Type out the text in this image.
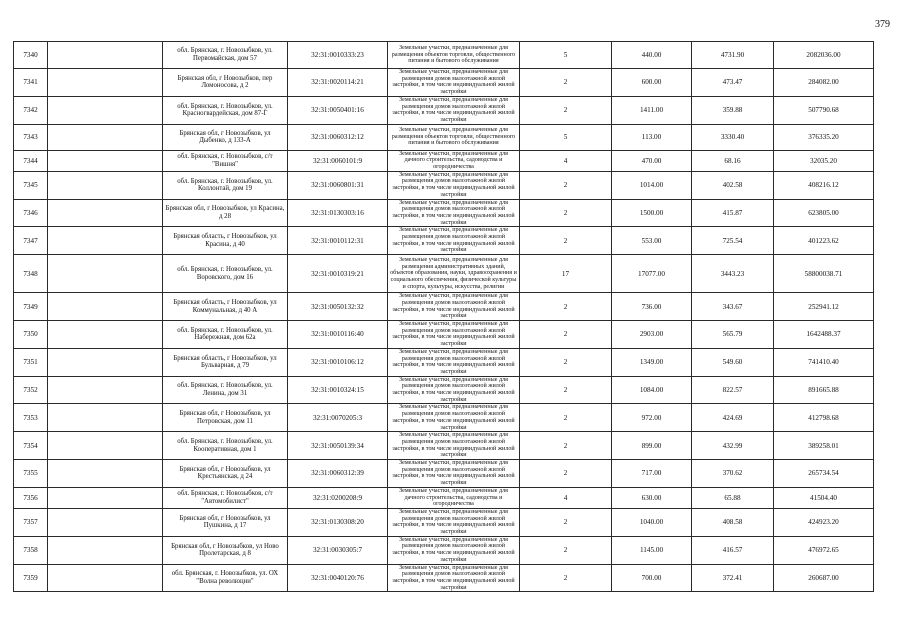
379
7340		обл. Брянская, г. Новозыбков, ул. Первомайская, дом 57	32:31:0010333:23	Земельные участки, предназначенные для размещения объектов торговли, общественного питания и бытового обслуживания	5	440.00	4731.90	2082036.00
7341		Брянская обл, г Новозыбков, пер Ломоносова, д 2	32:31:0020114:21	Земельные участки, предназначенные для размещения домов малоэтажной жилой застройки, в том числе индивидуальной жилой застройки	2	600.00	473.47	284082.00
7342		обл. Брянская, г. Новозыбков, ул. Красногвардейская, дом 87-Г	32:31:0050401:16	Земельные участки, предназначенные для размещения домов малоэтажной жилой застройки, в том числе индивидуальной жилой застройки	2	1411.00	359.88	507790.68
7343		Брянская обл, г Новозыбков, ул Дыбенко, д 133-А	32:31:0060312:12	Земельные участки, предназначенные для размещения объектов торговли, общественного питания и бытового обслуживания	5	113.00	3330.40	376335.20
7344		обл. Брянская, г. Новозыбков, с/т "Вишня"	32:31:0060101:9	Земельные участки, предназначенные для дачного строительства, садоводства и огородничества	4	470.00	68.16	32035.20
7345		обл. Брянская, г. Новозыбков, ул. Коллонтай, дом 19	32:31:0060801:31	Земельные участки, предназначенные для размещения домов малоэтажной жилой застройки, в том числе индивидуальной жилой застройки	2	1014.00	402.58	408216.12
7346		Брянская обл, г Новозыбков, ул Красина, д 28	32:31:0130303:16	Земельные участки, предназначенные для размещения домов малоэтажной жилой застройки, в том числе индивидуальной жилой застройки	2	1500.00	415.87	623805.00
7347		Брянская область, г Новозыбков, ул Красина, д 40	32:31:0010112:31	Земельные участки, предназначенные для размещения домов малоэтажной жилой застройки, в том числе индивидуальной жилой застройки	2	553.00	725.54	401223.62
7348		обл. Брянская, г. Новозыбков, ул. Воровского, дом 16	32:31:0010319:21	Земельные участки, предназначенные для размещения административных зданий, объектов образования, науки, здравоохранения и социального обеспечения, физической культуры и спорта, культуры, искусства, религии	17	17077.00	3443.23	58800038.71
7349		Брянская область, г Новозыбков, ул Коммунальная, д 40 А	32:31:0050132:32	Земельные участки, предназначенные для размещения домов малоэтажной жилой застройки, в том числе индивидуальной жилой застройки	2	736.00	343.67	252941.12
7350		обл. Брянская, г. Новозыбков, ул. Набережная, дом 62а	32:31:0010116:40	Земельные участки, предназначенные для размещения домов малоэтажной жилой застройки, в том числе индивидуальной жилой застройки	2	2903.00	565.79	1642488.37
7351		Брянская область, г Новозыбков, ул Бульварная, д 79	32:31:0010106:12	Земельные участки, предназначенные для размещения домов малоэтажной жилой застройки, в том числе индивидуальной жилой застройки	2	1349.00	549.60	741410.40
7352		обл. Брянская, г. Новозыбков, ул. Ленина, дом 31	32:31:0010324:15	Земельные участки, предназначенные для размещения домов малоэтажной жилой застройки, в том числе индивидуальной жилой застройки	2	1084.00	822.57	891665.88
7353		Брянская обл, г Новозыбков, ул Петровская, дом 11	32:31:0070205:3	Земельные участки, предназначенные для размещения домов малоэтажной жилой застройки, в том числе индивидуальной жилой застройки	2	972.00	424.69	412798.68
7354		обл. Брянская, г. Новозыбков, ул. Кооперативная, дом 1	32:31:0050139:34	Земельные участки, предназначенные для размещения домов малоэтажной жилой застройки, в том числе индивидуальной жилой застройки	2	899.00	432.99	389258.01
7355		Брянская обл, г Новозыбков, ул Крестьянская, д 24	32:31:0060312:39	Земельные участки, предназначенные для размещения домов малоэтажной жилой застройки, в том числе индивидуальной жилой застройки	2	717.00	370.62	265734.54
7356		обл. Брянская, г. Новозыбков, с/т "Автомобилист"	32:31:0200208:9	Земельные участки, предназначенные для дачного строительства, садоводства и огородничества	4	630.00	65.88	41504.40
7357		Брянская обл, г Новозыбков, ул Пушкина, д 17	32:31:0130308:20	Земельные участки, предназначенные для размещения домов малоэтажной жилой застройки, в том числе индивидуальной жилой застройки	2	1040.00	408.58	424923.20
7358		Брянская обл, г Новозыбков, ул Ново Пролетарская, д 8	32:31:0030305:7	Земельные участки, предназначенные для размещения домов малоэтажной жилой застройки, в том числе индивидуальной жилой застройки	2	1145.00	416.57	476972.65
7359		обл. Брянская, г. Новозыбков, ул. ОХ "Волна революции"	32:31:0040120:76	Земельные участки, предназначенные для размещения домов малоэтажной жилой застройки, в том числе индивидуальной жилой застройки	2	700.00	372.41	260687.00
